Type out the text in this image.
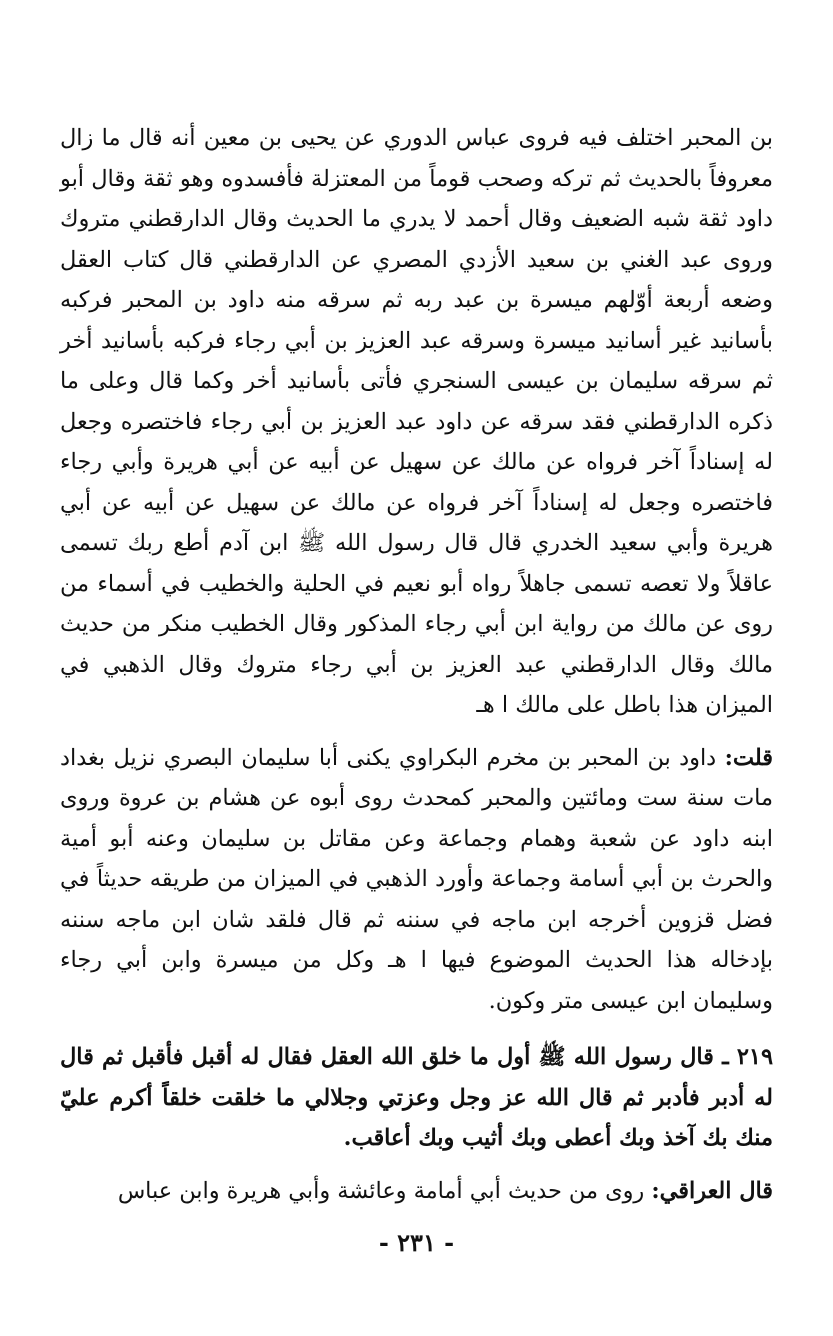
بن المحبر اختلف فيه فروى عباس الدوري عن يحيى بن معين أنه قال ما زال معروفاً بالحديث ثم تركه وصحب قوماً من المعتزلة فأفسدوه وهو ثقة وقال أبو داود ثقة شبه الضعيف وقال أحمد لا يدري ما الحديث وقال الدارقطني متروك وروى عبد الغني بن سعيد الأزدي المصري عن الدارقطني قال كتاب العقل وضعه أربعة أوّلهم ميسرة بن عبد ربه ثم سرقه منه داود بن المحبر فركبه بأسانيد غير أسانيد ميسرة وسرقه عبد العزيز بن أبي رجاء فركبه بأسانيد أخر ثم سرقه سليمان بن عيسى السنجري فأتى بأسانيد أخر وكما قال وعلى ما ذكره الدارقطني فقد سرقه عن داود عبد العزيز بن أبي رجاء فاختصره وجعل له إسناداً آخر فرواه عن مالك عن سهيل عن أبيه عن أبي هريرة وأبي رجاء فاختصره وجعل له إسناداً آخر فرواه عن مالك عن سهيل عن أبيه عن أبي هريرة وأبي سعيد الخدري قال قال رسول الله ﷺ ابن آدم أطع ربك تسمى عاقلاً ولا تعصه تسمى جاهلاً رواه أبو نعيم في الحلية والخطيب في أسماء من روى عن مالك من رواية ابن أبي رجاء المذكور وقال الخطيب منكر من حديث مالك وقال الدارقطني عبد العزيز بن أبي رجاء متروك وقال الذهبي في الميزان هذا باطل على مالك ا هـ

قلت: داود بن المحبر بن مخرم البكراوي يكنى أبا سليمان البصري نزيل بغداد مات سنة ست ومائتين والمحبر كمحدث روى أبوه عن هشام بن عروة وروى ابنه داود عن شعبة وهمام وجماعة وعن مقاتل بن سليمان وعنه أبو أمية والحرث بن أبي أسامة وجماعة وأورد الذهبي في الميزان من طريقه حديثاً في فضل قزوين أخرجه ابن ماجه في سننه ثم قال فلقد شان ابن ماجه سننه بإدخاله هذا الحديث الموضوع فيها ا هـ وكل من ميسرة وابن أبي رجاء وسليمان ابن عيسى متر وكون.

٢١٩ ـ قال رسول الله ﷺ أول ما خلق الله العقل فقال له أقبل فأقبل ثم قال له أدبر فأدبر ثم قال الله عز وجل وعزتي وجلالي ما خلقت خلقاً أكرم عليّ منك بك آخذ وبك أعطى وبك أثيب وبك أعاقب.

قال العراقي: روى من حديث أبي أمامة وعائشة وأبي هريرة وابن عباس

- ٢٣١ -
